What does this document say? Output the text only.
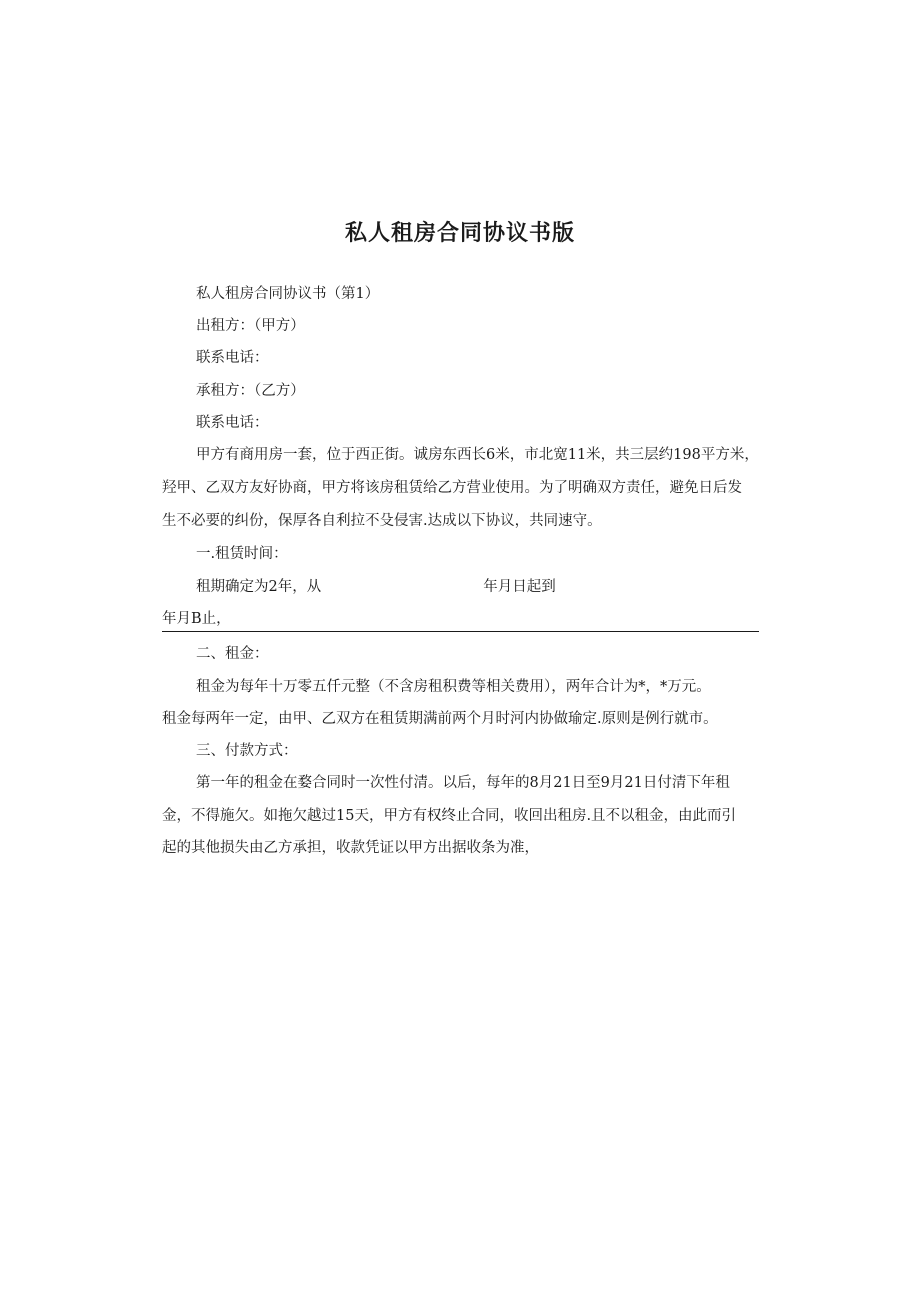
私人租房合同协议书版
私人租房合同协议书（第1）
出租方：（甲方）
联系电话：
承租方：（乙方）
联系电话：
甲方有商用房一套，位于西正街。诚房东西长6米，市北宽11米，共三层约198平方米，
羟甲、乙双方友好协商，甲方将该房租赁给乙方营业使用。为了明确双方责任，避免日后发
生不必要的纠份，保厚各自利拉不殳侵害.达成以下协议，共同速守。
一.租赁时间：
租期确定为2年，从	年月日起到
年月B止，
二、租金：
租金为每年十万零五仟元整（不含房租积费等相关费用），两年合计为*，*万元。
租金每两年一定，由甲、乙双方在租赁期满前两个月时河内协做瑜定.原则是例行就市。
三、付款方式：
第一年的租金在婺合同时一次性付清。以后，每年的8月21日至9月21日付清下年租
金，不得施欠。如拖欠越过15天，甲方有权终止合同，收回出租房.且不以租金，由此而引
起的其他损失由乙方承担，收款凭证以甲方出据收条为准，
